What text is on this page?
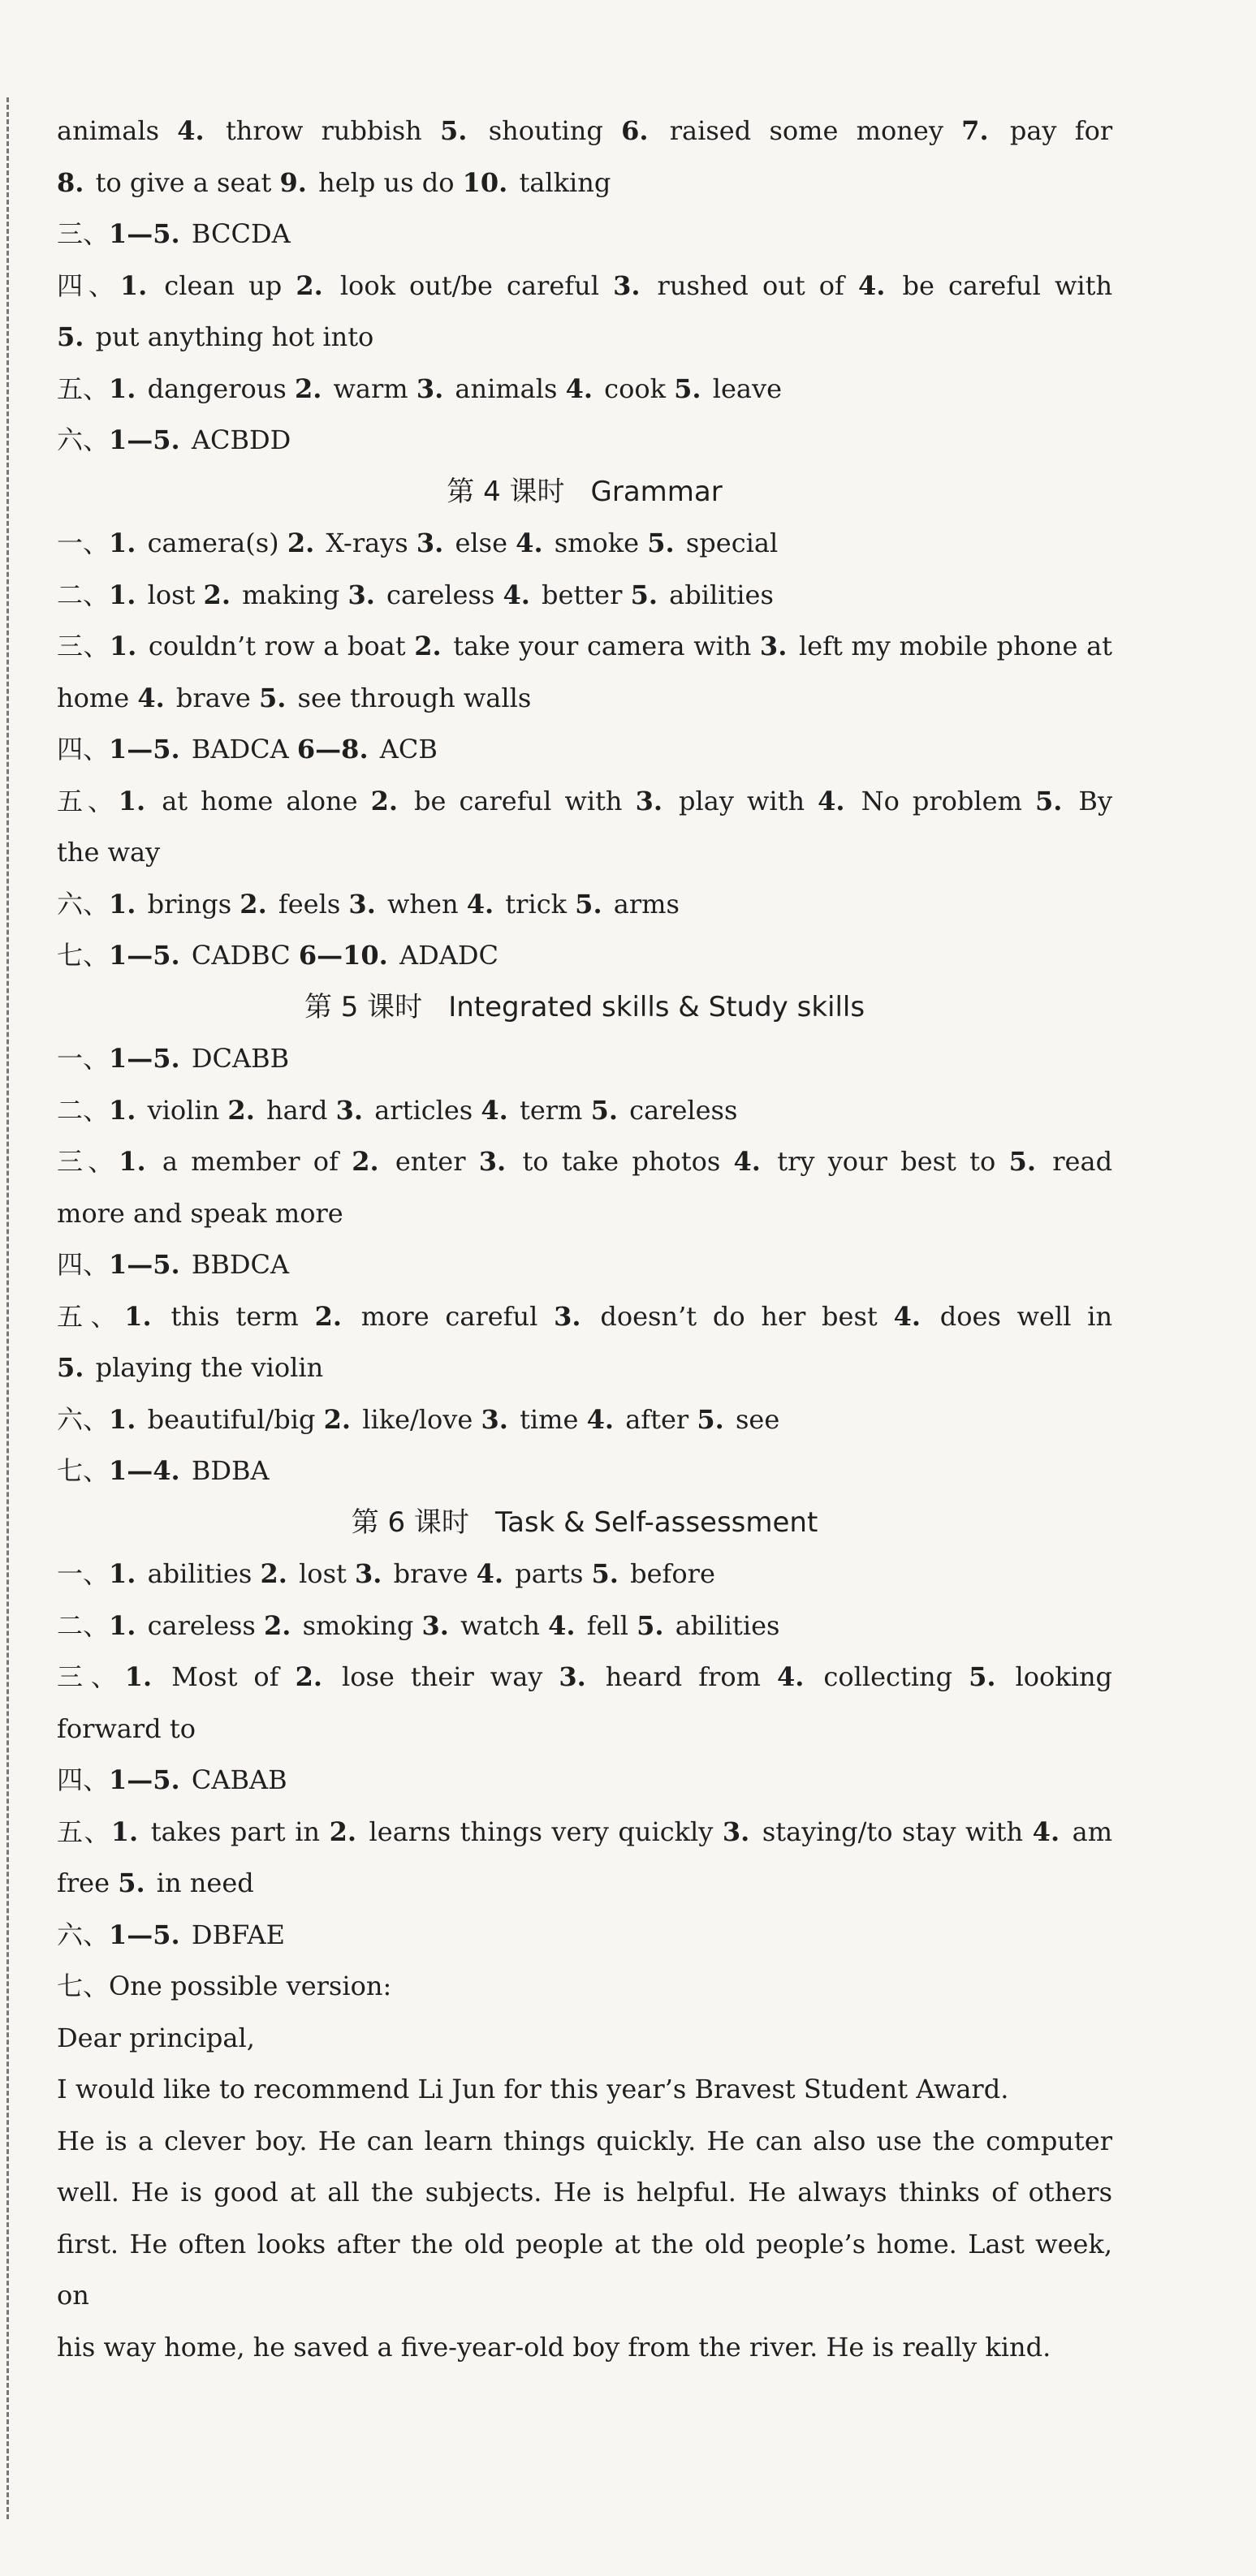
animals 4. throw rubbish 5. shouting 6. raised some money 7. pay for
8. to give a seat 9. help us do 10. talking
三、1—5. BCCDA
四、1. clean up 2. look out/be careful 3. rushed out of 4. be careful with
5. put anything hot into
五、1. dangerous 2. warm 3. animals 4. cook 5. leave
六、1—5. ACBDD
第 4 课时 Grammar
一、1. camera(s) 2. X-rays 3. else 4. smoke 5. special
二、1. lost 2. making 3. careless 4. better 5. abilities
三、1. couldn’t row a boat 2. take your camera with 3. left my mobile phone at
home 4. brave 5. see through walls
四、1—5. BADCA 6—8. ACB
五、1. at home alone 2. be careful with 3. play with 4. No problem 5. By
the way
六、1. brings 2. feels 3. when 4. trick 5. arms
七、1—5. CADBC 6—10. ADADC
第 5 课时 Integrated skills & Study skills
一、1—5. DCABB
二、1. violin 2. hard 3. articles 4. term 5. careless
三、1. a member of 2. enter 3. to take photos 4. try your best to 5. read
more and speak more
四、1—5. BBDCA
五、1. this term 2. more careful 3. doesn’t do her best 4. does well in
5. playing the violin
六、1. beautiful/big 2. like/love 3. time 4. after 5. see
七、1—4. BDBA
第 6 课时 Task & Self-assessment
一、1. abilities 2. lost 3. brave 4. parts 5. before
二、1. careless 2. smoking 3. watch 4. fell 5. abilities
三、1. Most of 2. lose their way 3. heard from 4. collecting 5. looking
forward to
四、1—5. CABAB
五、1. takes part in 2. learns things very quickly 3. staying/to stay with 4. am
free 5. in need
六、1—5. DBFAE
七、One possible version:
Dear principal,
I would like to recommend Li Jun for this year’s Bravest Student Award.
He is a clever boy. He can learn things quickly. He can also use the computer
well. He is good at all the subjects. He is helpful. He always thinks of others
first. He often looks after the old people at the old people’s home. Last week, on
his way home, he saved a five-year-old boy from the river. He is really kind.
